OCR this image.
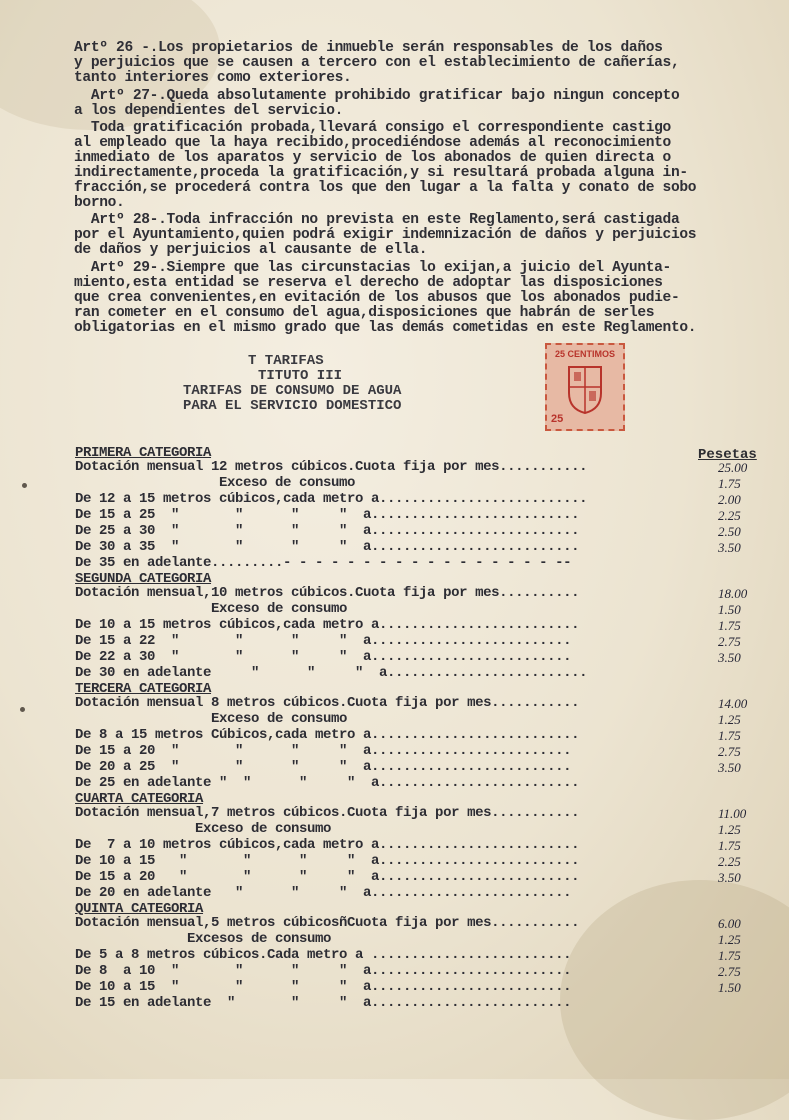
Artº 26 -.Los propietarios de inmueble serán responsables de los daños
y perjuicios que se causen a tercero con el establecimiento de cañerías,
tanto interiores como exteriores.
Artº 27-.Queda absolutamente prohibido gratificar bajo ningun concepto
a los dependientes del servicio.
Toda gratificación probada,llevará consigo el correspondiente castigo
al empleado que la haya recibido,procediéndose además al reconocimiento
inmediato de los aparatos y servicio de los abonados de quien directa o
indirectamente,proceda la gratificación,y si resultará probada alguna in-
fracción,se procederá contra los que den lugar a la falta y conato de sobo
borno.
Artº 28-.Toda infracción no prevista en este Reglamento,será castigada
por el Ayuntamiento,quien podrá exigir indemnización de daños y perjuicios
de daños y perjuicios al causante de ella.
Artº 29-.Siempre que las circunstacias lo exijan,a juicio del Ayunta-
miento,esta entidad se reserva el derecho de adoptar las disposiciones
que crea convenientes,en evitación de los abusos que los abonados pudie-
ran cometer en el consumo del agua,disposiciones que habrán de serles
obligatorias en el mismo grado que las demás cometidas en este Reglamento.
T TARIFAS
TITUTO III
TARIFAS DE CONSUMO DE AGUA
PARA EL SERVICIO DOMESTICO
25 CENTIMOS
25
Pesetas
PRIMERA CATEGORIA
Dotación mensual 12 metros cúbicos.Cuota fija por mes...........	25.00
Exceso de consumo	1.75
De 12 a 15 metros cúbicos,cada metro a..........................	2.00
De 15 a 25  "       "      "     "  a..........................	2.25
De 25 a 30  "       "      "     "  a..........................	2.50
De 30 a 35  "       "      "     "  a..........................	3.50
De 35 en adelante.........- - - - - - - - - - - - - - - - - --
SEGUNDA CATEGORIA
Dotación mensual,10 metros cúbicos.Cuota fija por mes..........	18.00
Exceso de consumo	1.50
De 10 a 15 metros cúbicos,cada metro a.........................	1.75
De 15 a 22  "       "      "     "  a.........................	2.75
De 22 a 30  "       "      "     "  a.........................	3.50
De 30 en adelante     "      "     "  a.........................
TERCERA CATEGORIA
Dotación mensual 8 metros cúbicos.Cuota fija por mes...........	14.00
Exceso de consumo	1.25
De 8 a 15 metros Cúbicos,cada metro a..........................	1.75
De 15 a 20  "       "      "     "  a.........................	2.75
De 20 a 25  "       "      "     "  a.........................	3.50
De 25 en adelante "  "      "     "  a.........................
CUARTA CATEGORIA
Dotación mensual,7 metros cúbicos.Cuota fija por mes...........	11.00
Exceso de consumo	1.25
De  7 a 10 metros cúbicos,cada metro a.........................	1.75
De 10 a 15   "       "      "     "  a.........................	2.25
De 15 a 20   "       "      "     "  a.........................	3.50
De 20 en adelante   "      "     "  a.........................
QUINTA CATEGORIA
Dotación mensual,5 metros cúbicosñCuota fija por mes...........	6.00
Excesos de consumo	1.25
De 5 a 8 metros cúbicos.Cada metro a .........................	1.75
De 8  a 10  "       "      "     "  a.........................	2.75
De 10 a 15  "       "      "     "  a.........................	1.50
De 15 en adelante  "       "     "  a.........................
